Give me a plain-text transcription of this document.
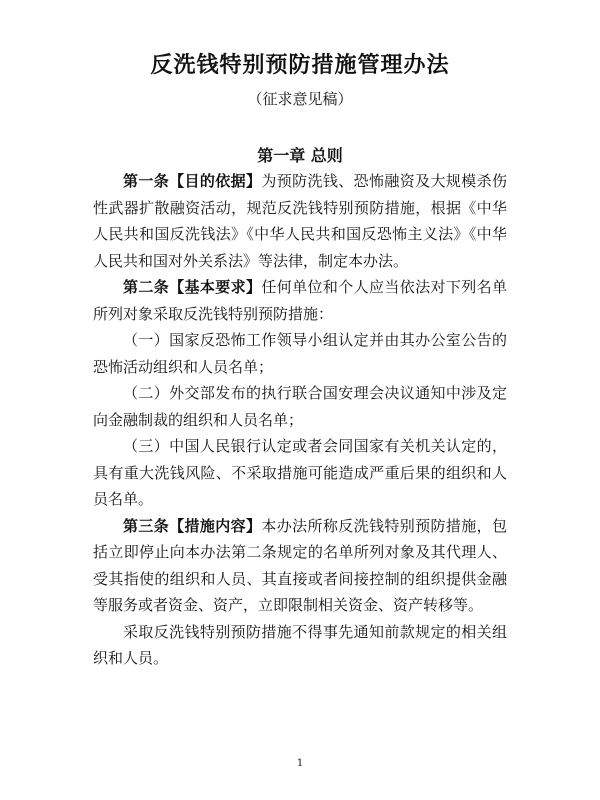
反洗钱特别预防措施管理办法
（征求意见稿）
第一章 总则

第一条【目的依据】为预防洗钱、恐怖融资及大规模杀伤性武器扩散融资活动，规范反洗钱特别预防措施，根据《中华人民共和国反洗钱法》《中华人民共和国反恐怖主义法》《中华人民共和国对外关系法》等法律，制定本办法。

第二条【基本要求】任何单位和个人应当依法对下列名单所列对象采取反洗钱特别预防措施：

（一）国家反恐怖工作领导小组认定并由其办公室公告的恐怖活动组织和人员名单；

（二）外交部发布的执行联合国安理会决议通知中涉及定向金融制裁的组织和人员名单；

（三）中国人民银行认定或者会同国家有关机关认定的，具有重大洗钱风险、不采取措施可能造成严重后果的组织和人员名单。

第三条【措施内容】本办法所称反洗钱特别预防措施，包括立即停止向本办法第二条规定的名单所列对象及其代理人、受其指使的组织和人员、其直接或者间接控制的组织提供金融等服务或者资金、资产，立即限制相关资金、资产转移等。

采取反洗钱特别预防措施不得事先通知前款规定的相关组织和人员。

1
